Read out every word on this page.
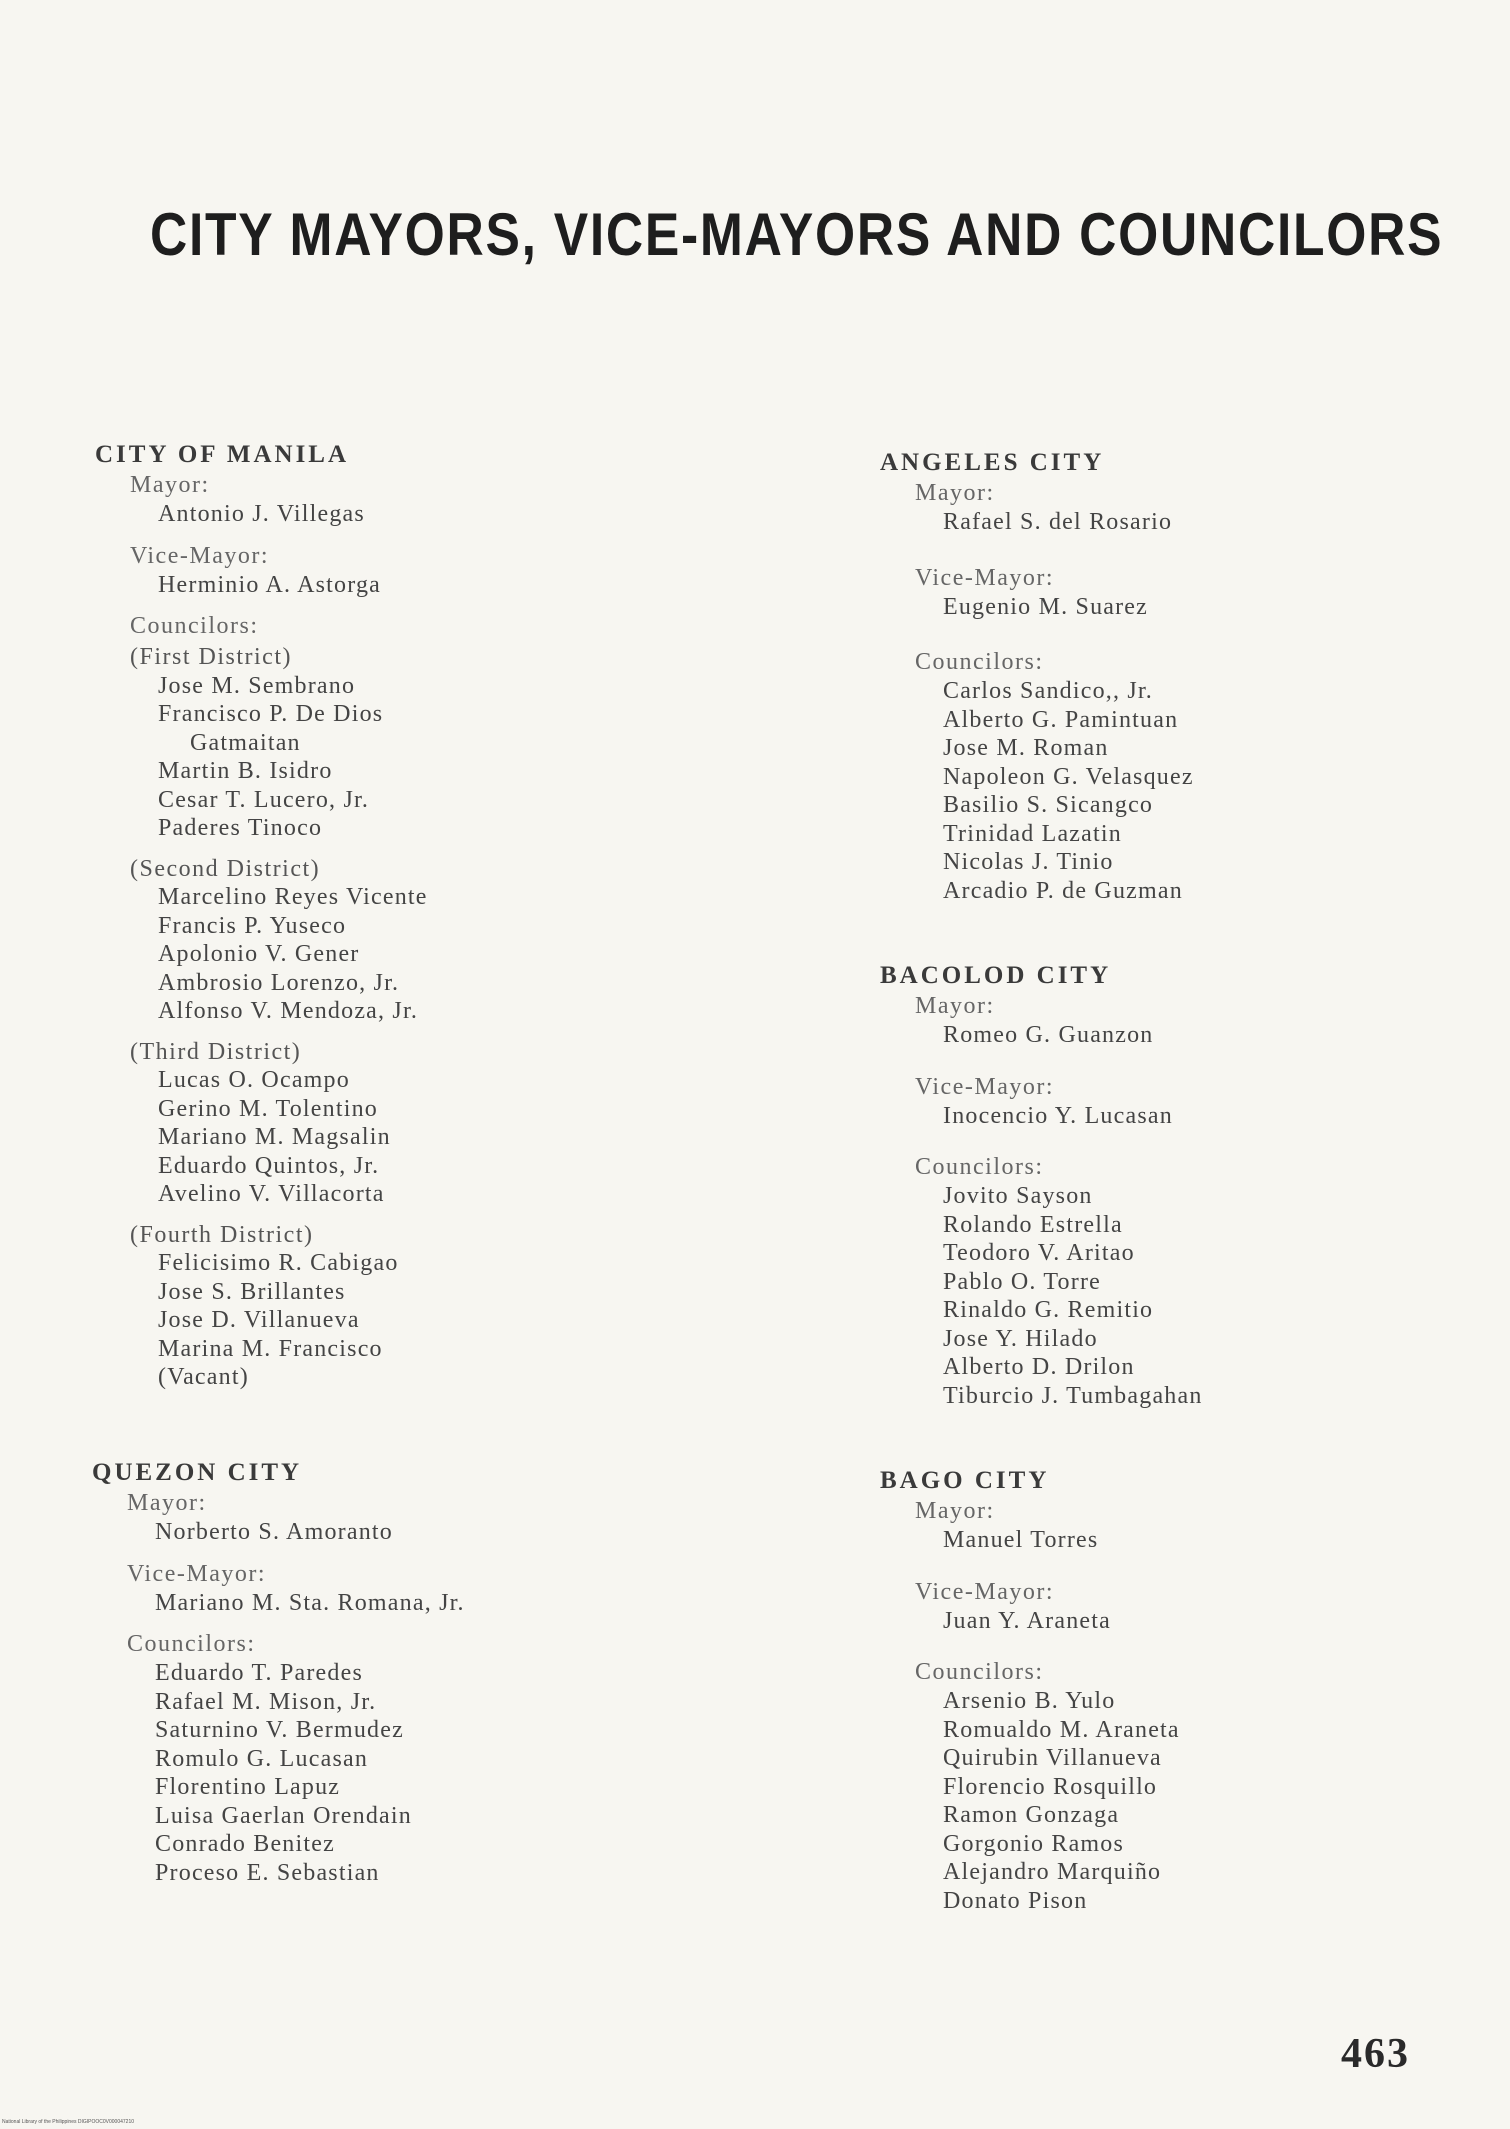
CITY MAYORS, VICE-MAYORS AND COUNCILORS
CITY OF MANILA
Mayor:
Antonio J. Villegas
Vice-Mayor:
Herminio A. Astorga
Councilors:
(First District)
Jose M. Sembrano
Francisco P. De Dios
Gatmaitan
Martin B. Isidro
Cesar T. Lucero, Jr.
Paderes Tinoco
(Second District)
Marcelino Reyes Vicente
Francis P. Yuseco
Apolonio V. Gener
Ambrosio Lorenzo, Jr.
Alfonso V. Mendoza, Jr.
(Third District)
Lucas O. Ocampo
Gerino M. Tolentino
Mariano M. Magsalin
Eduardo Quintos, Jr.
Avelino V. Villacorta
(Fourth District)
Felicisimo R. Cabigao
Jose S. Brillantes
Jose D. Villanueva
Marina M. Francisco
(Vacant)
QUEZON CITY
Mayor:
Norberto S. Amoranto
Vice-Mayor:
Mariano M. Sta. Romana, Jr.
Councilors:
Eduardo T. Paredes
Rafael M. Mison, Jr.
Saturnino V. Bermudez
Romulo G. Lucasan
Florentino Lapuz
Luisa Gaerlan Orendain
Conrado Benitez
Proceso E. Sebastian
ANGELES CITY
Mayor:
Rafael S. del Rosario
Vice-Mayor:
Eugenio M. Suarez
Councilors:
Carlos Sandico,, Jr.
Alberto G. Pamintuan
Jose M. Roman
Napoleon G. Velasquez
Basilio S. Sicangco
Trinidad Lazatin
Nicolas J. Tinio
Arcadio P. de Guzman
BACOLOD CITY
Mayor:
Romeo G. Guanzon
Vice-Mayor:
Inocencio Y. Lucasan
Councilors:
Jovito Sayson
Rolando Estrella
Teodoro V. Aritao
Pablo O. Torre
Rinaldo G. Remitio
Jose Y. Hilado
Alberto D. Drilon
Tiburcio J. Tumbagahan
BAGO CITY
Mayor:
Manuel Torres
Vice-Mayor:
Juan Y. Araneta
Councilors:
Arsenio B. Yulo
Romualdo M. Araneta
Quirubin Villanueva
Florencio Rosquillo
Ramon Gonzaga
Gorgonio Ramos
Alejandro Marquiño
Donato Pison
463
National Library of the Philippines DIGIPOOC0V000047210
